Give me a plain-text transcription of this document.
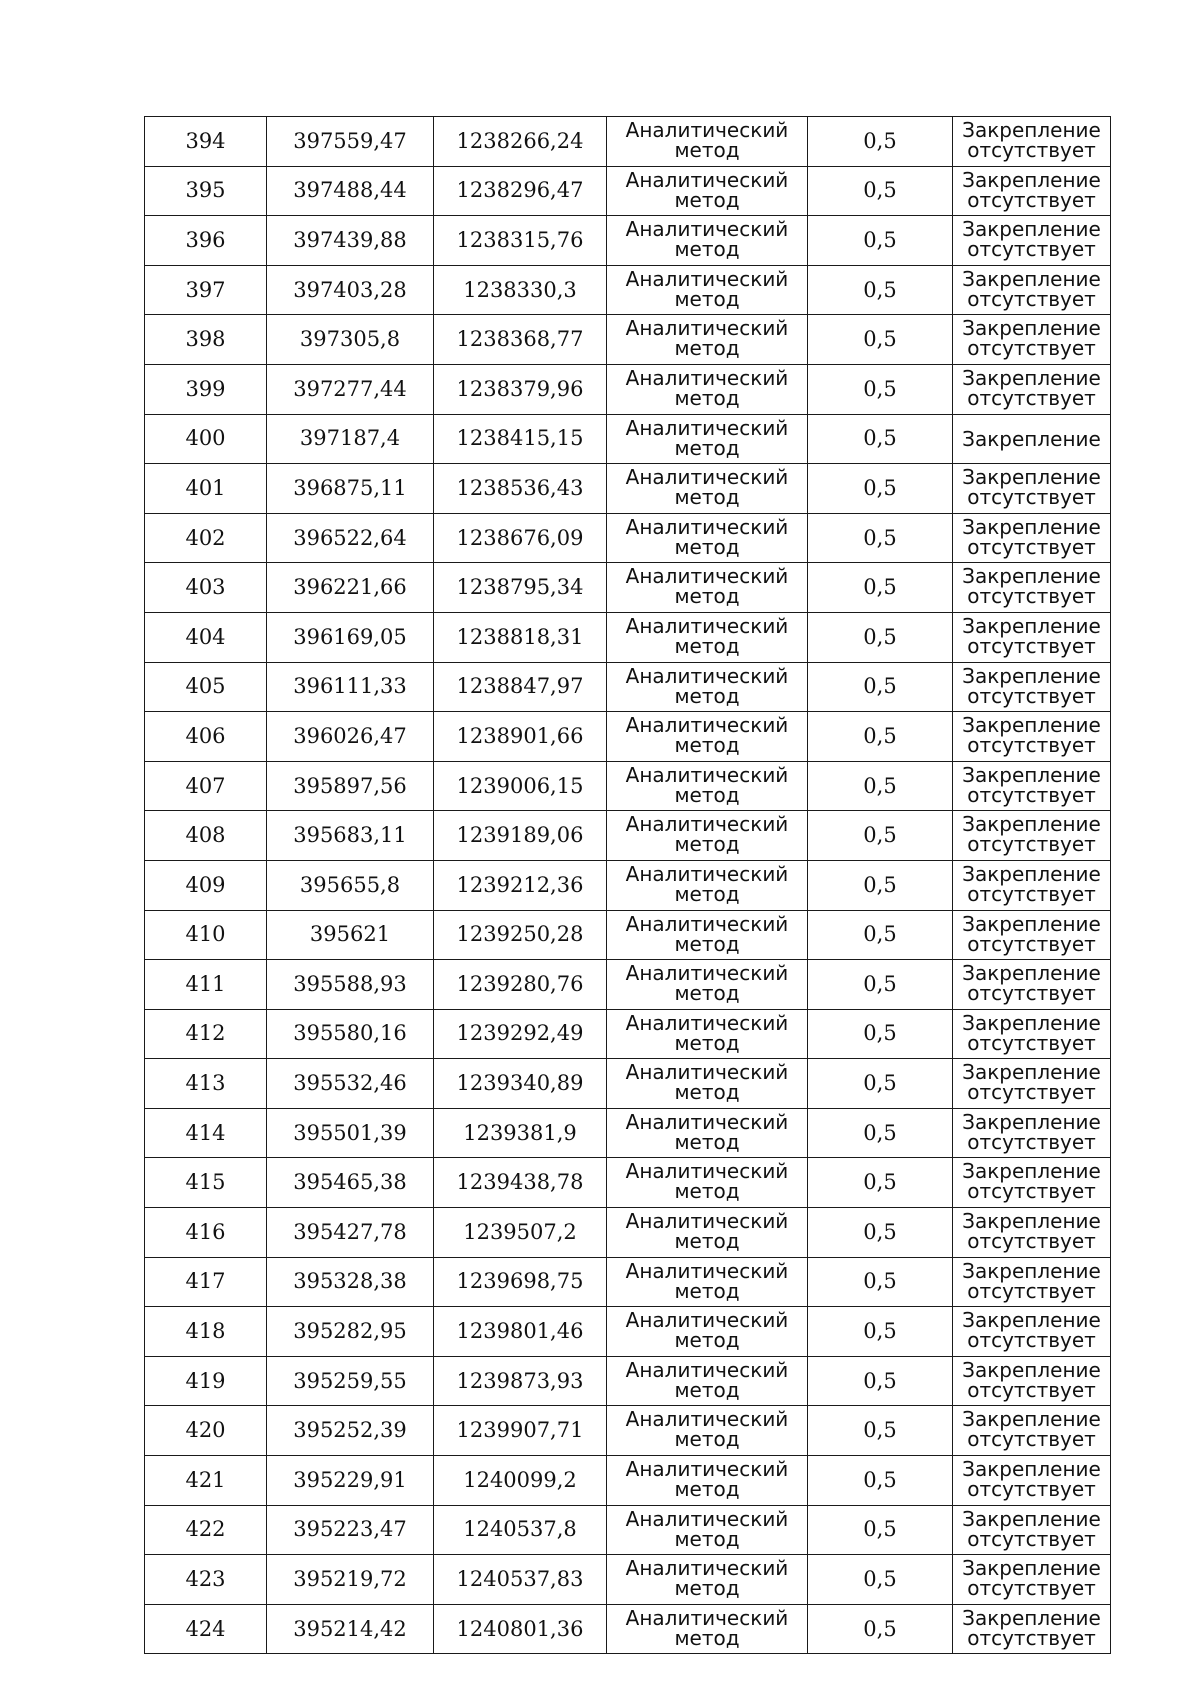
394	397559,47	1238266,24	Аналитический метод	0,5	Закрепление отсутствует
395	397488,44	1238296,47	Аналитический метод	0,5	Закрепление отсутствует
396	397439,88	1238315,76	Аналитический метод	0,5	Закрепление отсутствует
397	397403,28	1238330,3	Аналитический метод	0,5	Закрепление отсутствует
398	397305,8	1238368,77	Аналитический метод	0,5	Закрепление отсутствует
399	397277,44	1238379,96	Аналитический метод	0,5	Закрепление отсутствует
400	397187,4	1238415,15	Аналитический метод	0,5	Закрепление
401	396875,11	1238536,43	Аналитический метод	0,5	Закрепление отсутствует
402	396522,64	1238676,09	Аналитический метод	0,5	Закрепление отсутствует
403	396221,66	1238795,34	Аналитический метод	0,5	Закрепление отсутствует
404	396169,05	1238818,31	Аналитический метод	0,5	Закрепление отсутствует
405	396111,33	1238847,97	Аналитический метод	0,5	Закрепление отсутствует
406	396026,47	1238901,66	Аналитический метод	0,5	Закрепление отсутствует
407	395897,56	1239006,15	Аналитический метод	0,5	Закрепление отсутствует
408	395683,11	1239189,06	Аналитический метод	0,5	Закрепление отсутствует
409	395655,8	1239212,36	Аналитический метод	0,5	Закрепление отсутствует
410	395621	1239250,28	Аналитический метод	0,5	Закрепление отсутствует
411	395588,93	1239280,76	Аналитический метод	0,5	Закрепление отсутствует
412	395580,16	1239292,49	Аналитический метод	0,5	Закрепление отсутствует
413	395532,46	1239340,89	Аналитический метод	0,5	Закрепление отсутствует
414	395501,39	1239381,9	Аналитический метод	0,5	Закрепление отсутствует
415	395465,38	1239438,78	Аналитический метод	0,5	Закрепление отсутствует
416	395427,78	1239507,2	Аналитический метод	0,5	Закрепление отсутствует
417	395328,38	1239698,75	Аналитический метод	0,5	Закрепление отсутствует
418	395282,95	1239801,46	Аналитический метод	0,5	Закрепление отсутствует
419	395259,55	1239873,93	Аналитический метод	0,5	Закрепление отсутствует
420	395252,39	1239907,71	Аналитический метод	0,5	Закрепление отсутствует
421	395229,91	1240099,2	Аналитический метод	0,5	Закрепление отсутствует
422	395223,47	1240537,8	Аналитический метод	0,5	Закрепление отсутствует
423	395219,72	1240537,83	Аналитический метод	0,5	Закрепление отсутствует
424	395214,42	1240801,36	Аналитический метод	0,5	Закрепление отсутствует
